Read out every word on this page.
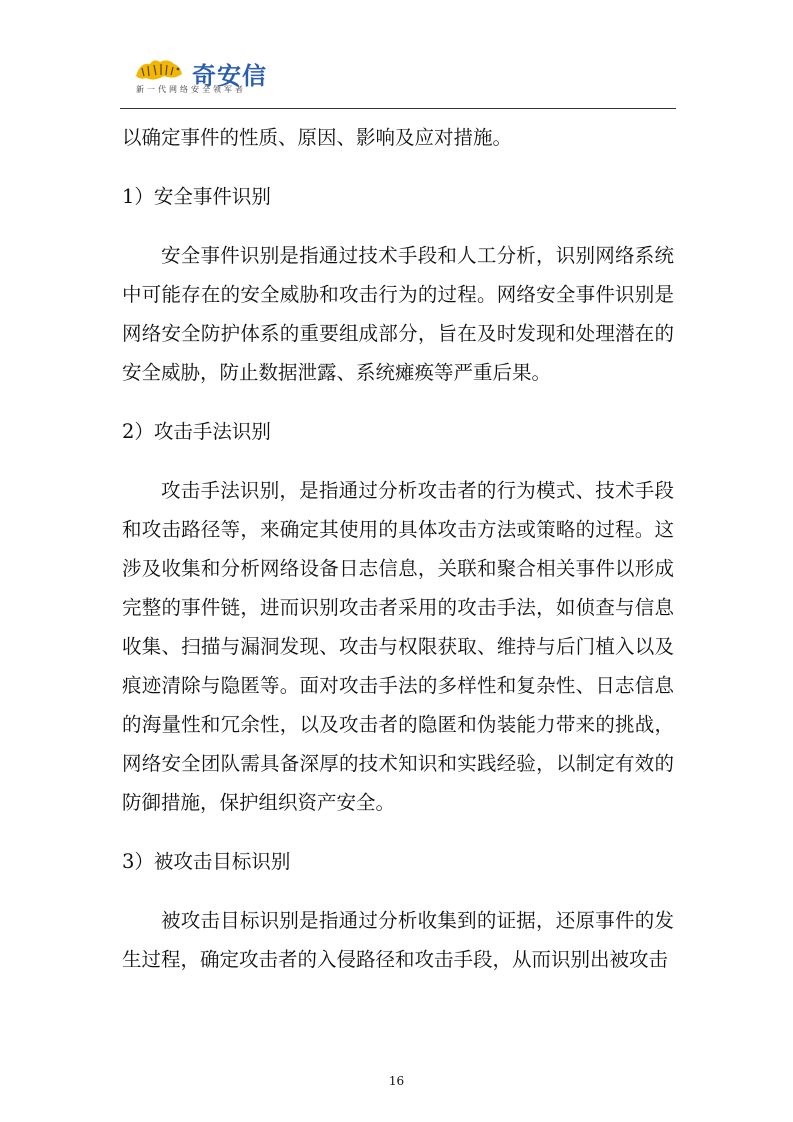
奇安信
新一代网络安全领军者

以确定事件的性质、原因、影响及应对措施。

1）安全事件识别

安全事件识别是指通过技术手段和人工分析，识别网络系统中可能存在的安全威胁和攻击行为的过程。网络安全事件识别是网络安全防护体系的重要组成部分，旨在及时发现和处理潜在的安全威胁，防止数据泄露、系统瘫痪等严重后果。

2）攻击手法识别

攻击手法识别，是指通过分析攻击者的行为模式、技术手段和攻击路径等，来确定其使用的具体攻击方法或策略的过程。这涉及收集和分析网络设备日志信息，关联和聚合相关事件以形成完整的事件链，进而识别攻击者采用的攻击手法，如侦查与信息收集、扫描与漏洞发现、攻击与权限获取、维持与后门植入以及痕迹清除与隐匿等。面对攻击手法的多样性和复杂性、日志信息的海量性和冗余性，以及攻击者的隐匿和伪装能力带来的挑战，网络安全团队需具备深厚的技术知识和实践经验，以制定有效的防御措施，保护组织资产安全。

3）被攻击目标识别

被攻击目标识别是指通过分析收集到的证据，还原事件的发生过程，确定攻击者的入侵路径和攻击手段，从而识别出被攻击

16
